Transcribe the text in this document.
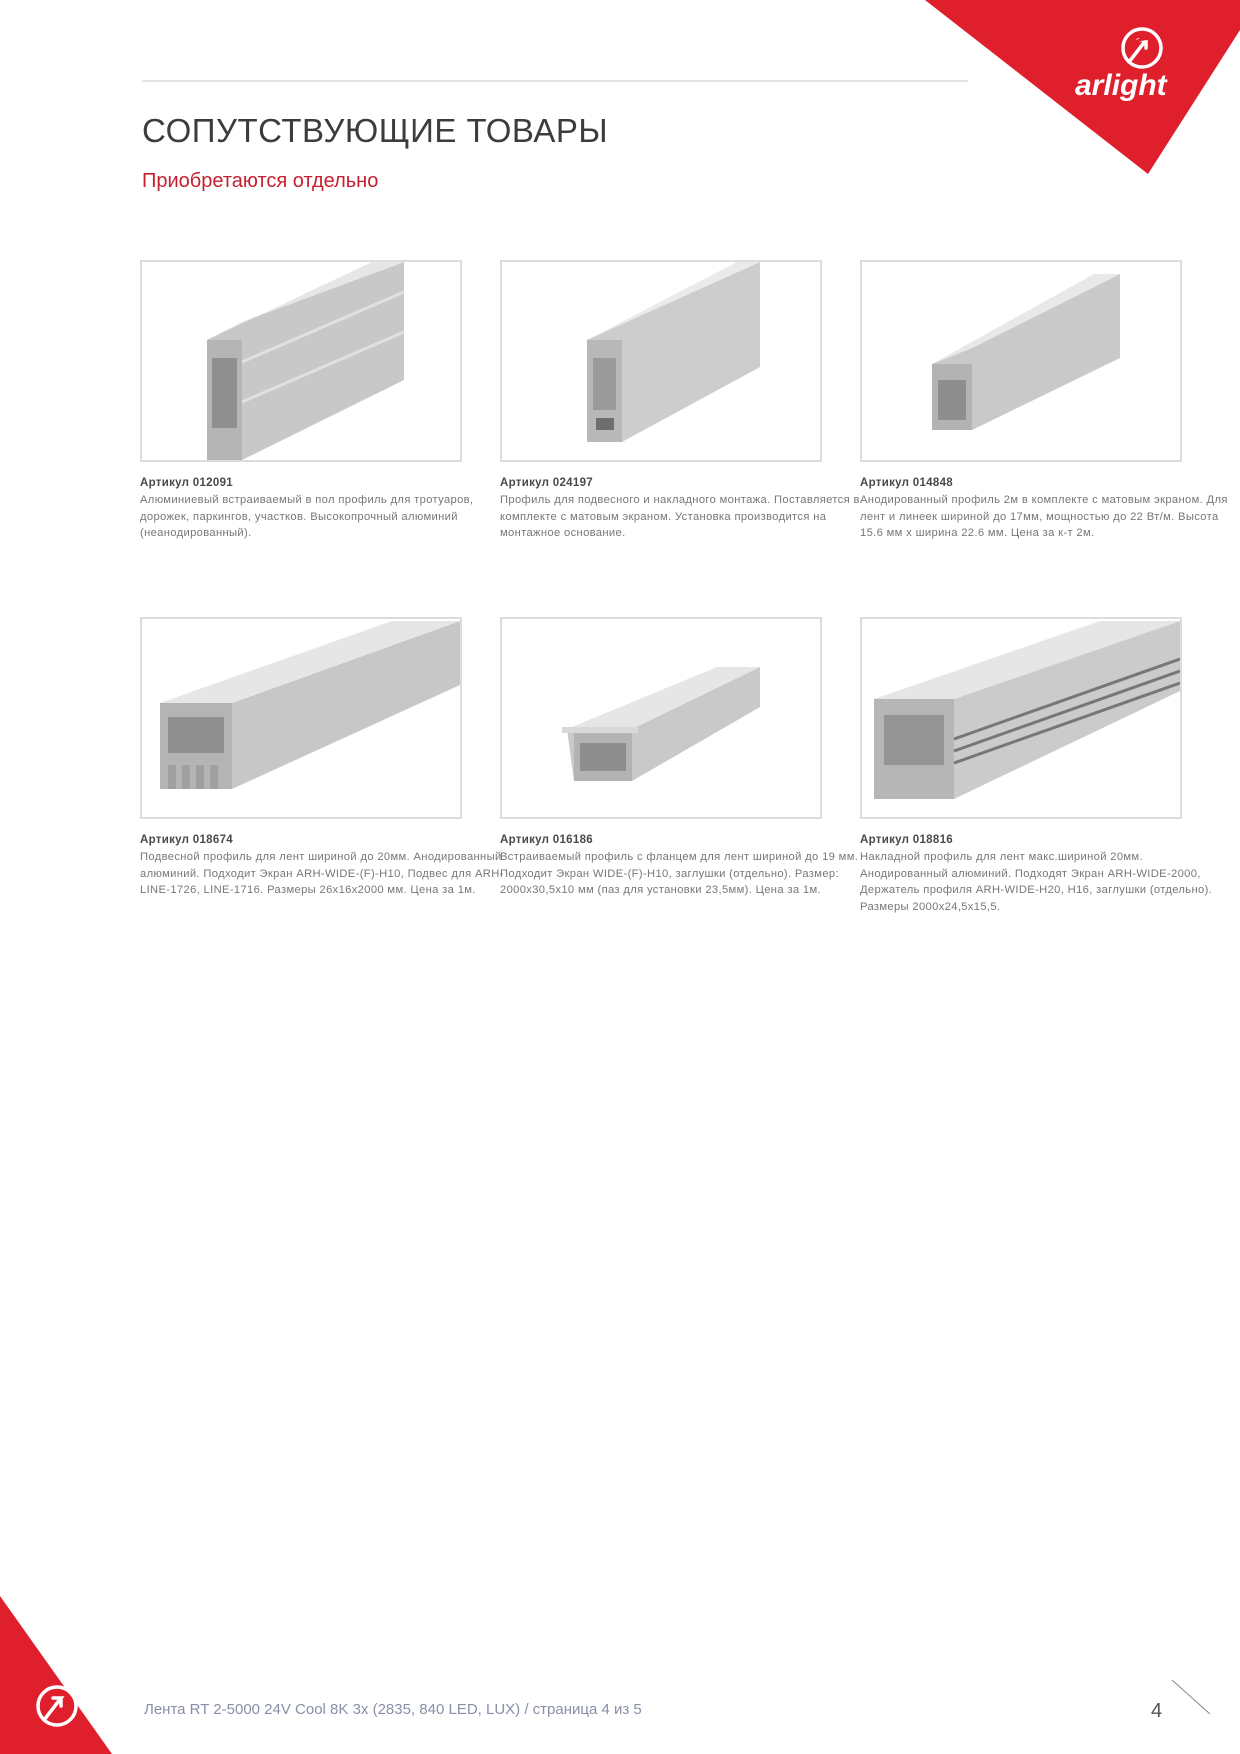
arlight
СОПУТСТВУЮЩИЕ ТОВАРЫ
Приобретаются отдельно
Артикул 012091
Алюминиевый встраиваемый в пол профиль для тротуаров, дорожек, паркингов, участков. Высокопрочный алюминий (неанодированный).
Артикул 024197
Профиль для подвесного и накладного монтажа. Поставляется в комплекте с матовым экраном. Установка производится на монтажное основание.
Артикул 014848
Анодированный профиль 2м в комплекте с матовым экраном. Для лент и линеек шириной до 17мм, мощностью до 22 Вт/м. Высота 15.6 мм х ширина 22.6 мм. Цена за к-т 2м.
Артикул 018674
Подвесной профиль для лент шириной до 20мм. Анодированный алюминий. Подходит Экран ARH-WIDE-(F)-H10, Подвес для ARH-LINE-1726, LINE-1716. Размеры 26x16x2000 мм. Цена за 1м.
Артикул 016186
Встраиваемый профиль с фланцем для лент шириной до 19 мм. Подходит Экран WIDE-(F)-H10, заглушки (отдельно). Размер: 2000x30,5x10 мм (паз для установки 23,5мм). Цена за 1м.
Артикул 018816
Накладной профиль для лент макс.шириной 20мм. Анодированный алюминий. Подходят Экран ARH-WIDE-2000, Держатель профиля ARH-WIDE-H20, H16, заглушки (отдельно). Размеры 2000x24,5x15,5.
Лента RT 2-5000 24V Cool 8K 3x (2835, 840 LED, LUX) / страница 4 из 5	4
